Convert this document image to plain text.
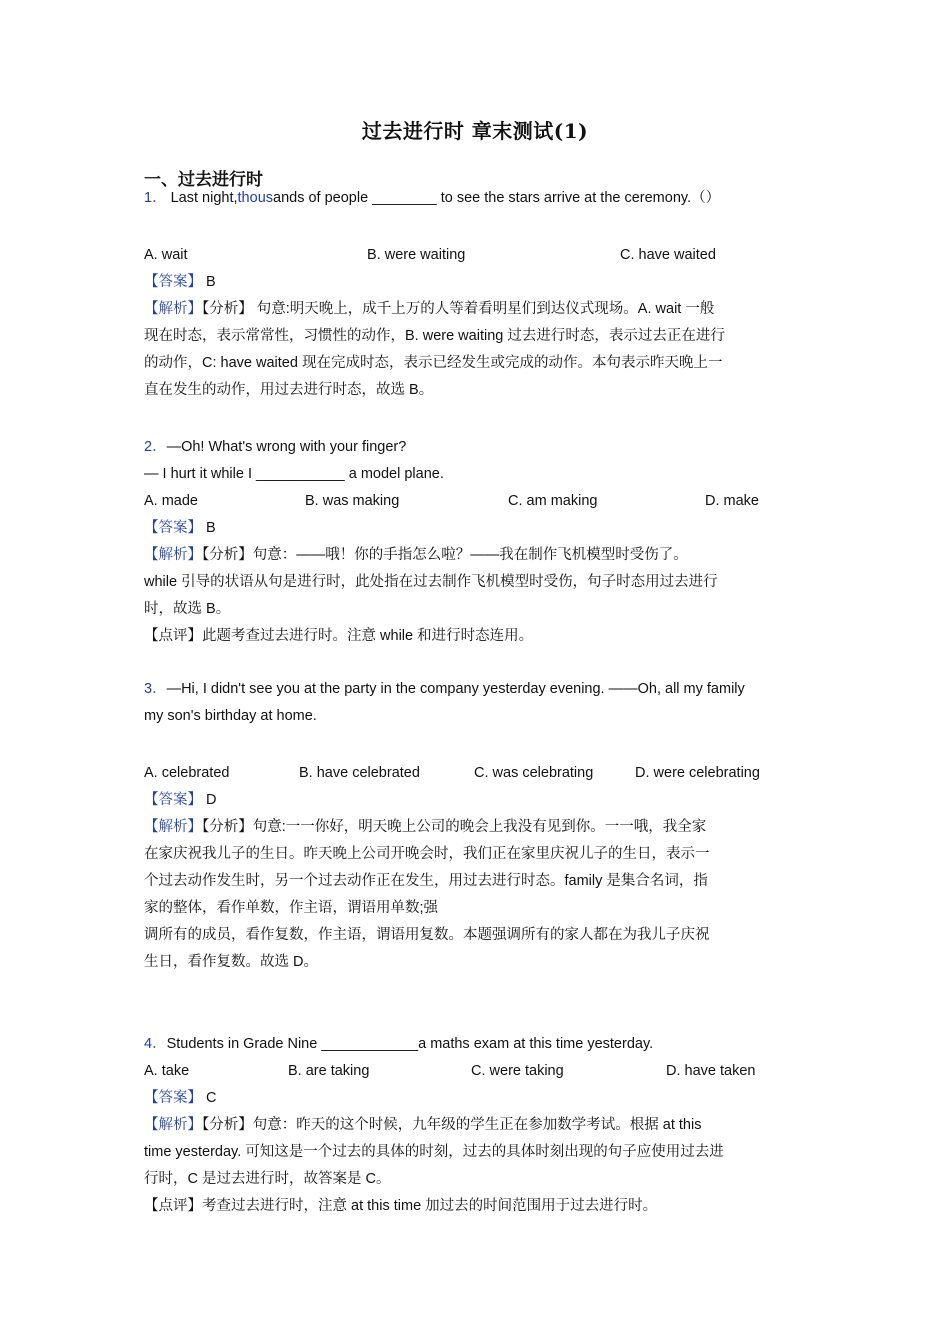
过去进行时 章末测试(1)
一、过去进行时
1． Last night,thousands of people ________ to see the stars arrive at the ceremony.（）
A. wait	B. were waiting	C. have waited
【答案】 B
【解析】【分析】 句意:明天晚上，成千上万的人等着看明星们到达仪式现场。A. wait 一般
现在时态，表示常常性，习惯性的动作，B. were waiting 过去进行时态，表示过去正在进行
的动作，C: have waited 现在完成时态，表示已经发生或完成的动作。本句表示昨天晚上一
直在发生的动作，用过去进行时态，故选 B。
2．—Oh! What's wrong with your finger?
— I hurt it while I ___________ a model plane.
A. made	B. was making	C. am making	D. make
【答案】 B
【解析】【分析】句意：——哦！你的手指怎么啦？——我在制作飞机模型时受伤了。
while 引导的状语从句是进行时，此处指在过去制作飞机模型时受伤，句子时态用过去进行
时，故选 B。
【点评】此题考查过去进行时。注意 while 和进行时态连用。
3．—Hi, I didn't see you at the party in the company yesterday evening. ——Oh, all my family
my son's birthday at home.
A. celebrated	B. have celebrated	C. was celebrating	D. were celebrating
【答案】 D
【解析】【分析】句意:一一你好，明天晚上公司的晚会上我没有见到你。一一哦，我全家
在家庆祝我儿子的生日。昨天晚上公司开晚会时，我们正在家里庆祝儿子的生日，表示一
个过去动作发生时，另一个过去动作正在发生，用过去进行时态。family 是集合名词，指
家的整体，看作单数，作主语，谓语用单数;强
调所有的成员，看作复数，作主语，谓语用复数。本题强调所有的家人都在为我儿子庆祝
生日，看作复数。故选 D。
4．Students in Grade Nine ____________a maths exam at this time yesterday.
A. take	B. are taking	C. were taking	D. have taken
【答案】 C
【解析】【分析】句意：昨天的这个时候，九年级的学生正在参加数学考试。根据 at this
time yesterday. 可知这是一个过去的具体的时刻，过去的具体时刻出现的句子应使用过去进
行时，C 是过去进行时，故答案是 C。
【点评】考查过去进行时，注意 at this time 加过去的时间范围用于过去进行时。
